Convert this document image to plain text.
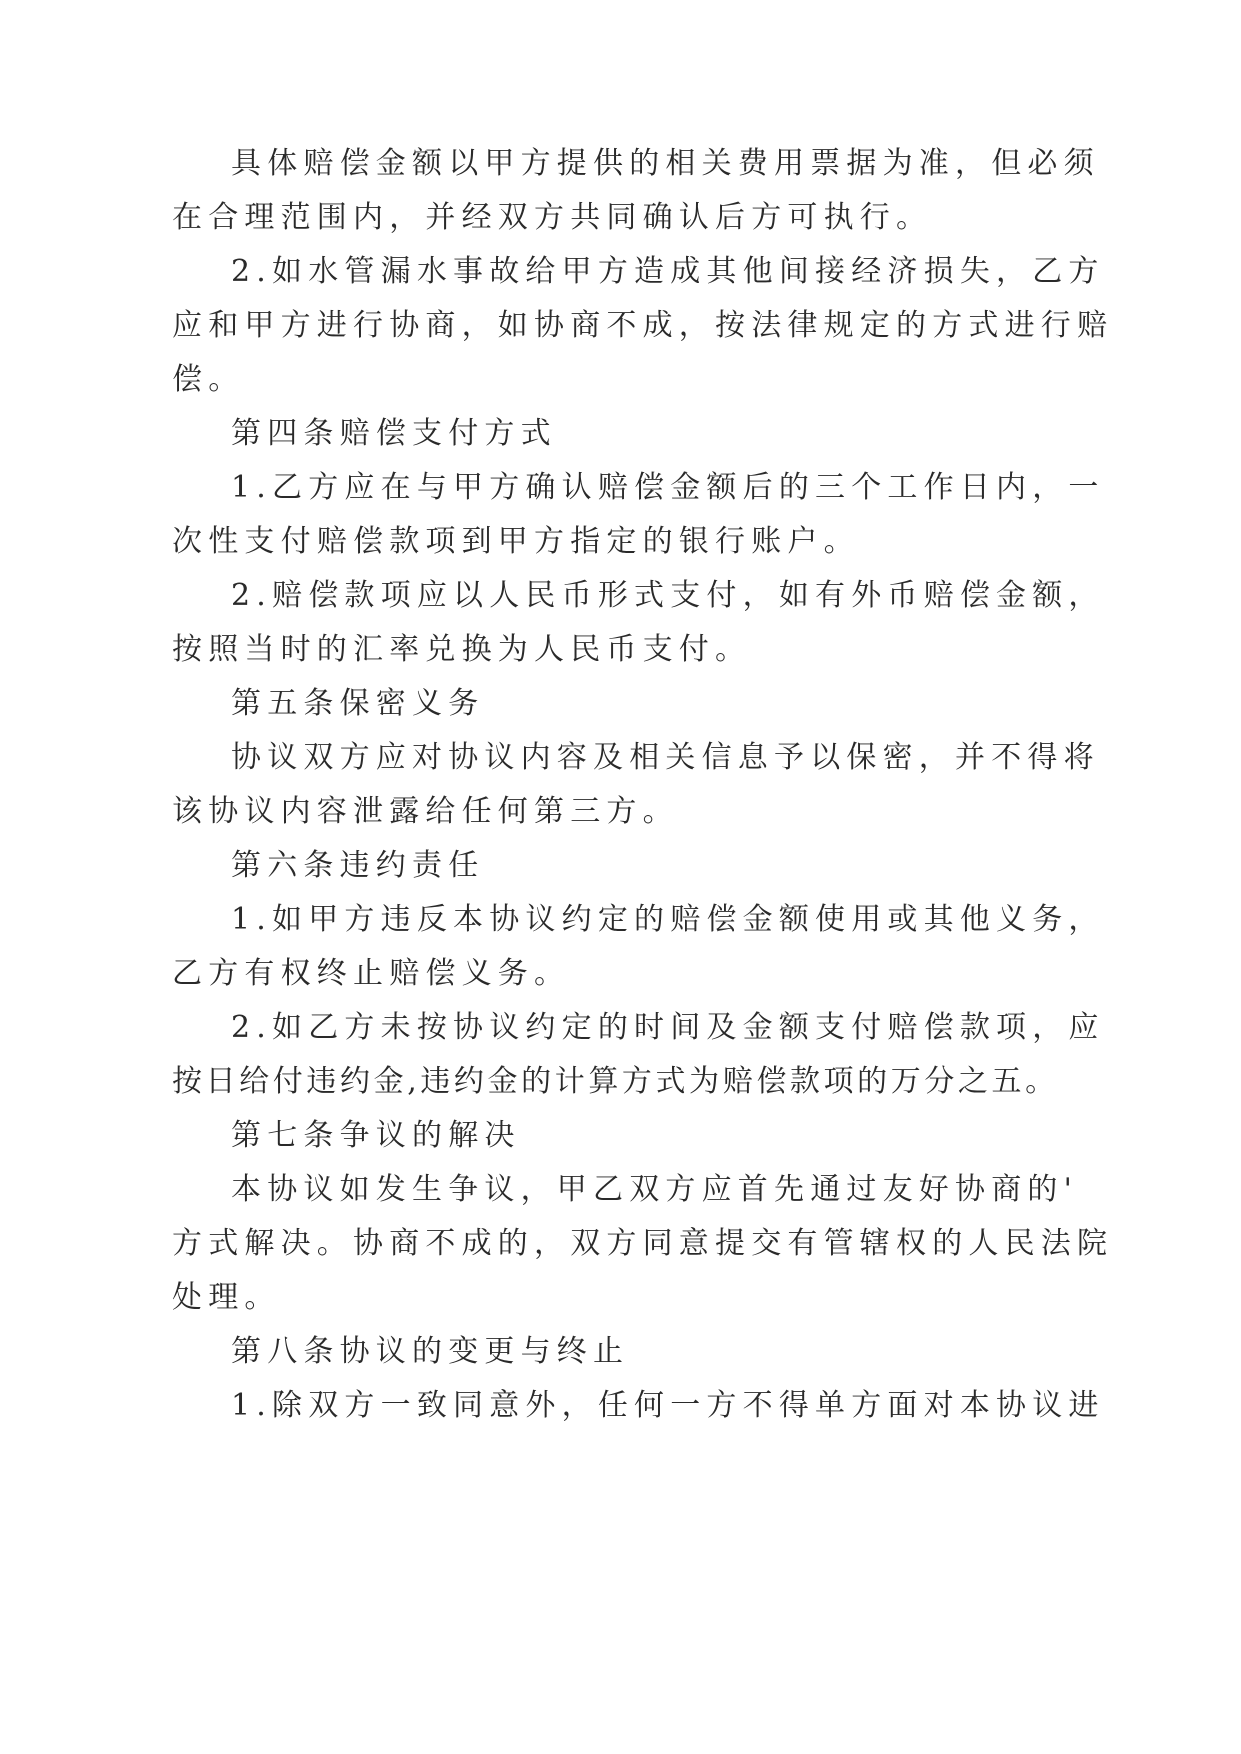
具体赔偿金额以甲方提供的相关费用票据为准，但必须
在合理范围内，并经双方共同确认后方可执行。
2.如水管漏水事故给甲方造成其他间接经济损失，乙方
应和甲方进行协商，如协商不成，按法律规定的方式进行赔
偿。
第四条赔偿支付方式
1.乙方应在与甲方确认赔偿金额后的三个工作日内，一
次性支付赔偿款项到甲方指定的银行账户。
2.赔偿款项应以人民币形式支付，如有外币赔偿金额，
按照当时的汇率兑换为人民币支付。
第五条保密义务
协议双方应对协议内容及相关信息予以保密，并不得将
该协议内容泄露给任何第三方。
第六条违约责任
1.如甲方违反本协议约定的赔偿金额使用或其他义务，
乙方有权终止赔偿义务。
2.如乙方未按协议约定的时间及金额支付赔偿款项，应
按日给付违约金,违约金的计算方式为赔偿款项的万分之五。
第七条争议的解决
本协议如发生争议，甲乙双方应首先通过友好协商的'
方式解决。协商不成的，双方同意提交有管辖权的人民法院
处理。
第八条协议的变更与终止
1.除双方一致同意外，任何一方不得单方面对本协议进
